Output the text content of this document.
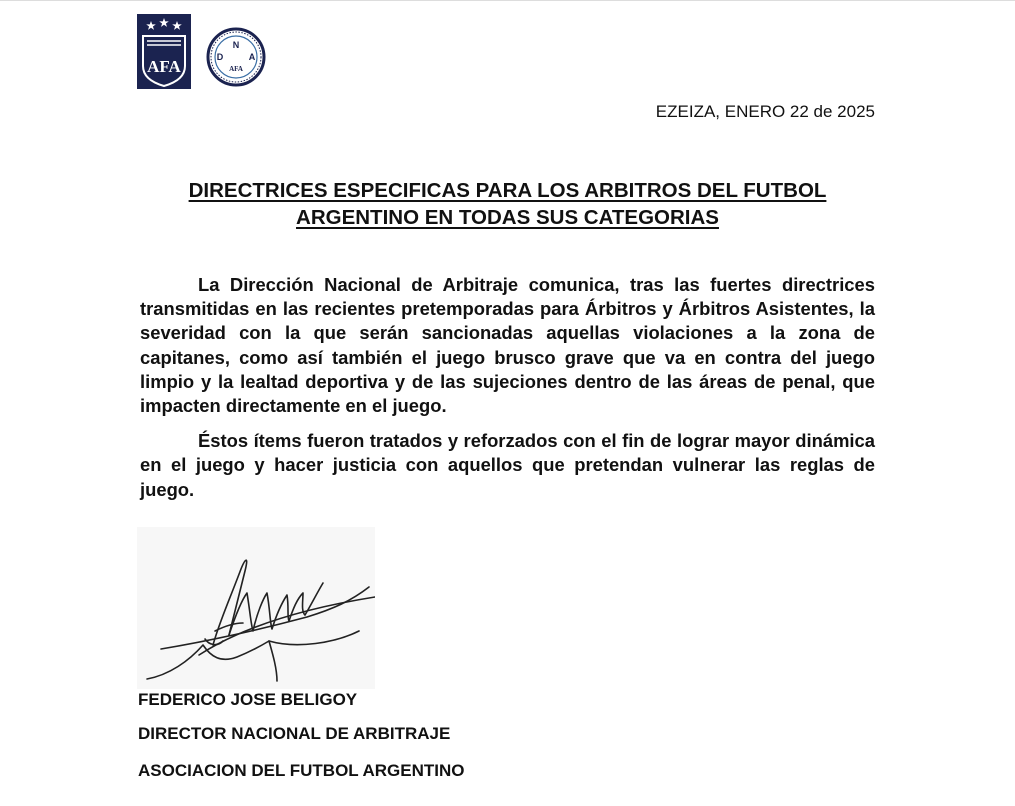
AFA	D
N
A
AFA
EZEIZA, ENERO 22 de 2025
DIRECTRICES ESPECIFICAS PARA LOS ARBITROS DEL FUTBOL
ARGENTINO EN TODAS SUS CATEGORIAS

La Dirección Nacional de Arbitraje comunica, tras las fuertes directrices transmitidas en las recientes pretemporadas para Árbitros y Árbitros Asistentes, la severidad con la que serán sancionadas aquellas violaciones a la zona de capitanes, como así también el juego brusco grave que va en contra del juego limpio y la lealtad deportiva y de las sujeciones dentro de las áreas de penal, que impacten directamente en el juego.

Éstos ítems fueron tratados y reforzados con el fin de lograr mayor dinámica en el juego y hacer justicia con aquellos que pretendan vulnerar las reglas de juego.

FEDERICO JOSE BELIGOY
DIRECTOR NACIONAL DE ARBITRAJE
ASOCIACION DEL FUTBOL ARGENTINO
